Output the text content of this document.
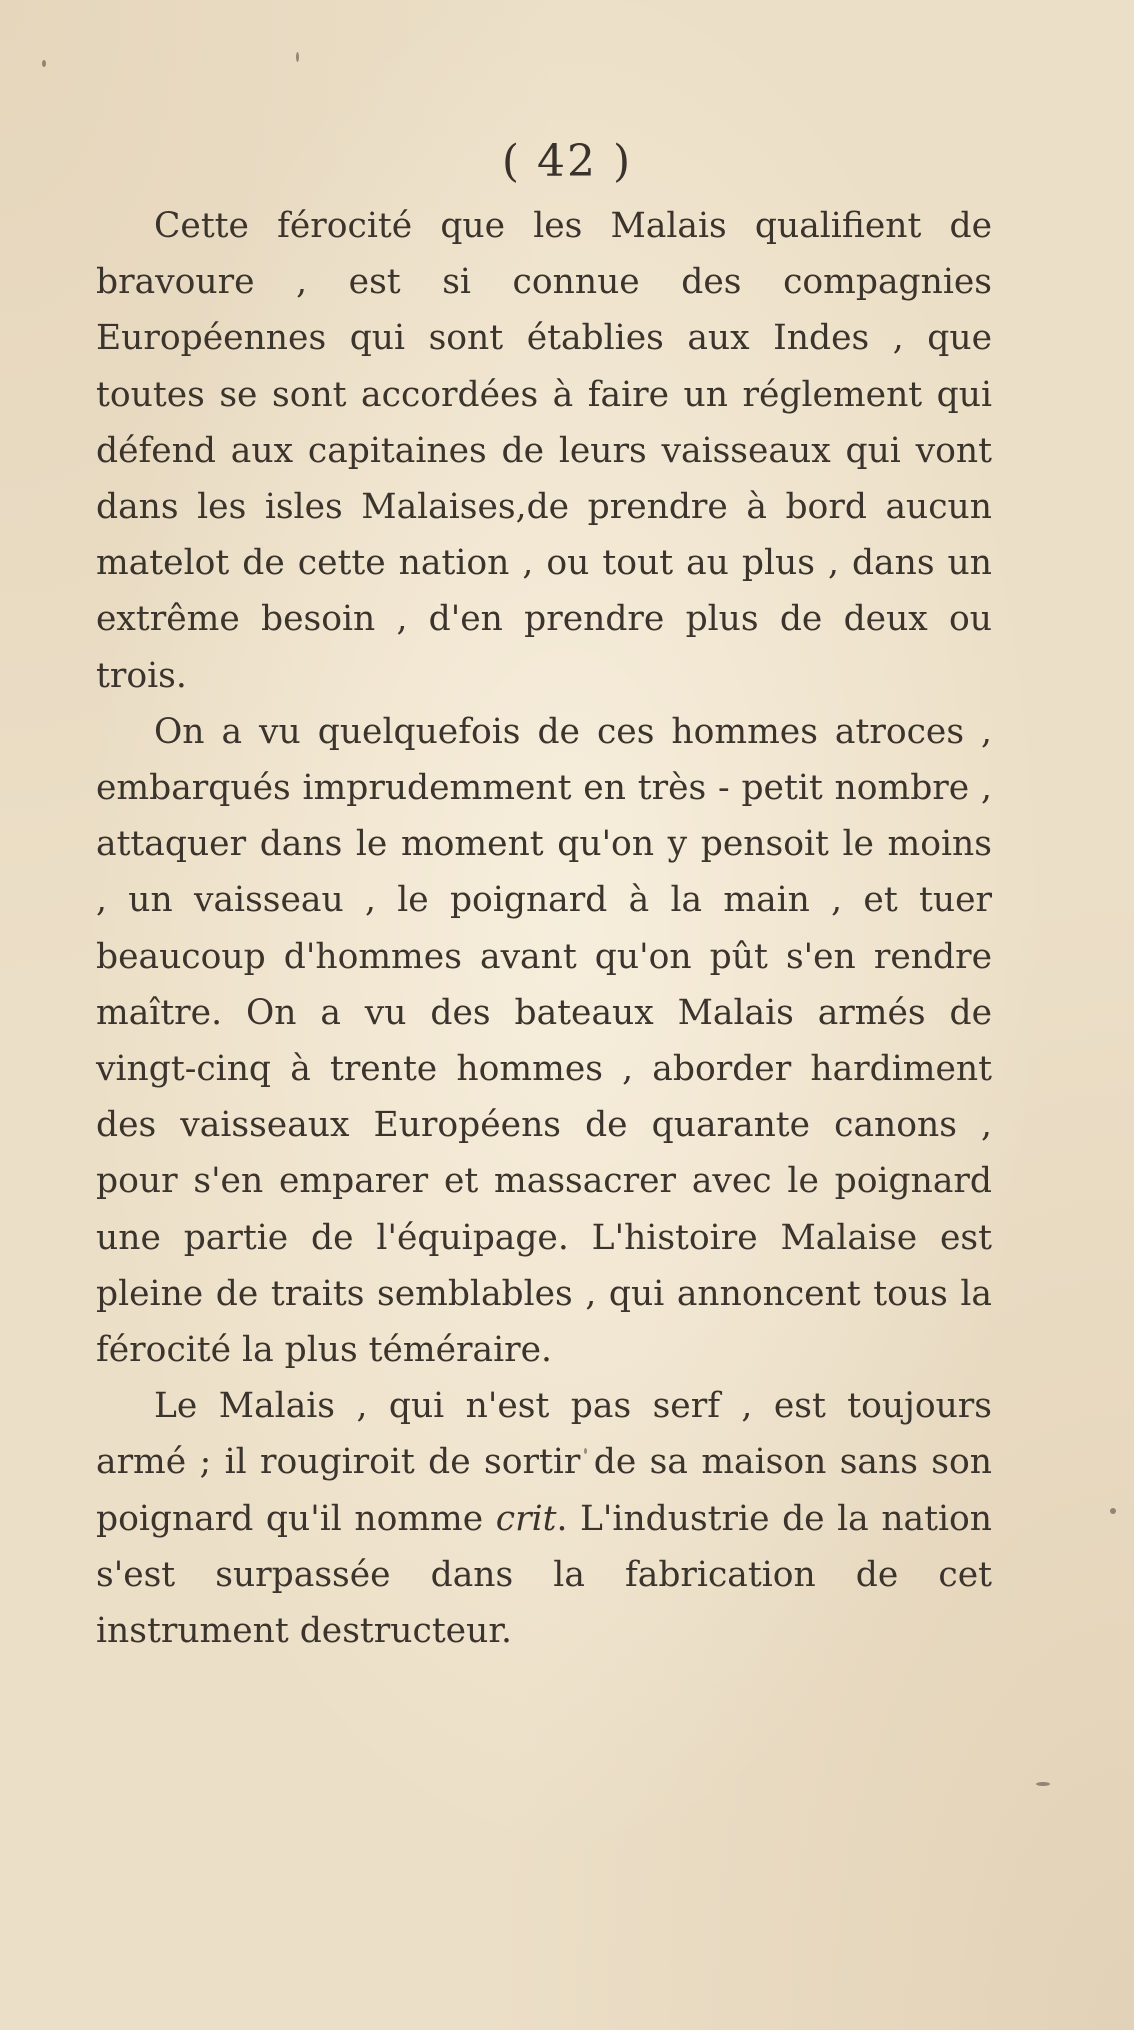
( 42 )

Cette férocité que les Malais qualifient de bravoure , est si connue des compagnies Européennes qui sont établies aux Indes , que toutes se sont accordées à faire un réglement qui défend aux capitaines de leurs vaisseaux qui vont dans les isles Malaises,de prendre à bord aucun matelot de cette nation , ou tout au plus , dans un extrême besoin , d'en prendre plus de deux ou trois.

On a vu quelquefois de ces hommes atroces , embarqués imprudemment en très - petit nombre , attaquer dans le moment qu'on y pensoit le moins , un vaisseau , le poignard à la main , et tuer beaucoup d'hommes avant qu'on pût s'en rendre maître. On a vu des bateaux Malais armés de vingt-cinq à trente hommes , aborder hardiment des vaisseaux Européens de quarante canons , pour s'en emparer et massacrer avec le poignard une partie de l'équipage. L'histoire Malaise est pleine de traits semblables , qui annoncent tous la férocité la plus téméraire.

Le Malais , qui n'est pas serf , est toujours armé ; il rougiroit de sortir de sa maison sans son poignard qu'il nomme crit. L'industrie de la nation s'est surpassée dans la fabrication de cet instrument destructeur.
